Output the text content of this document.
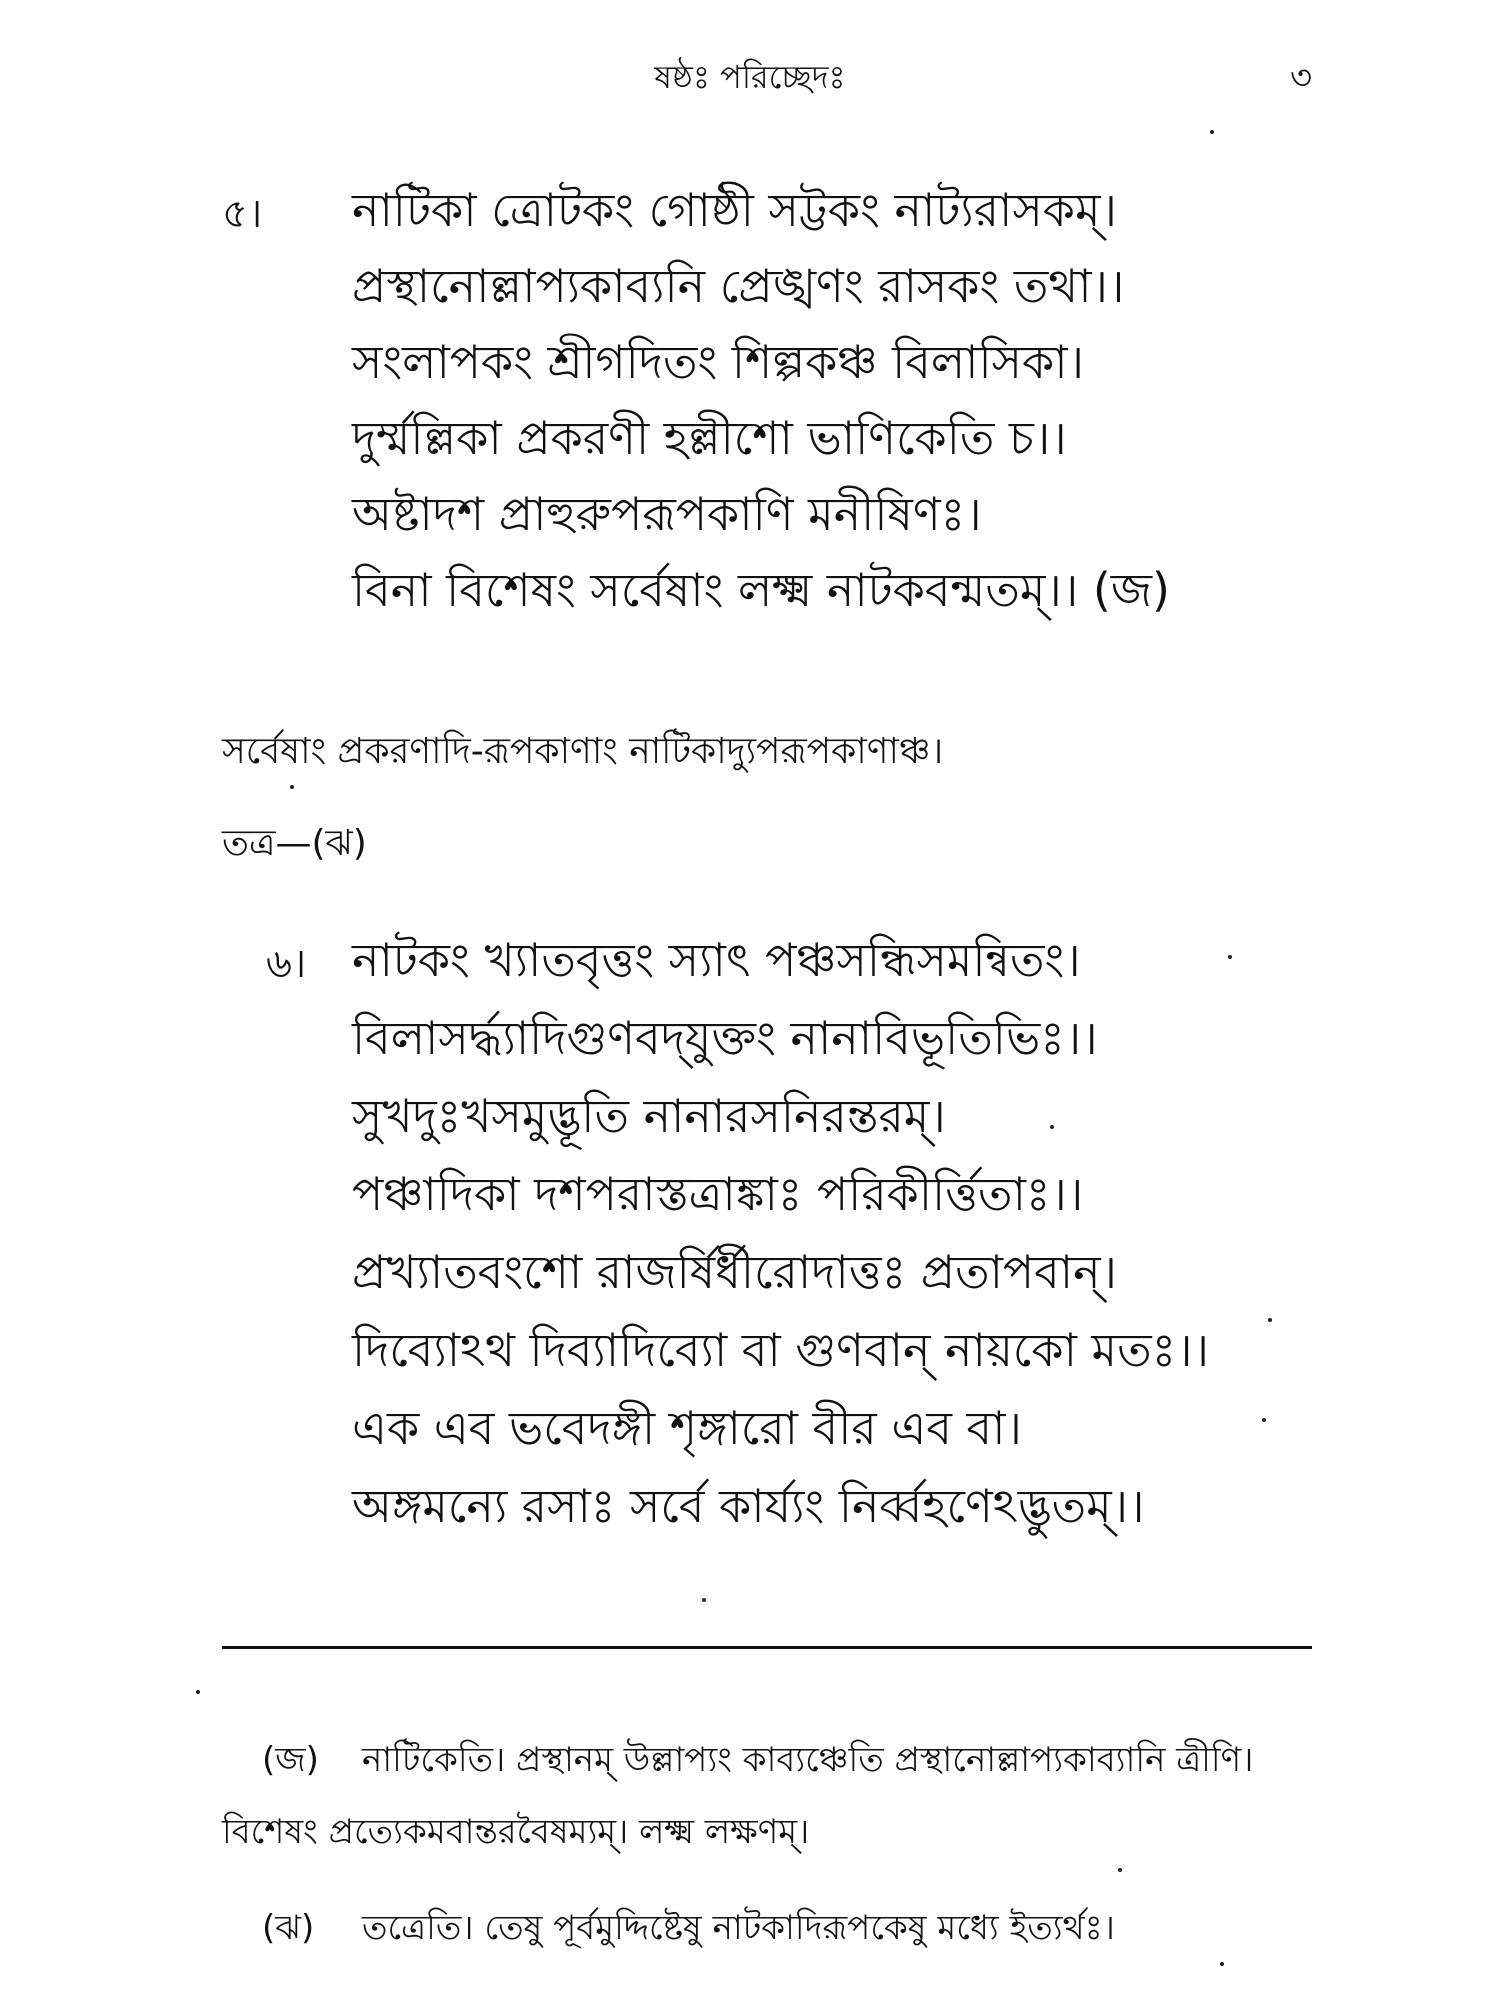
ষষ্ঠঃ পরিচ্ছেদঃ	৩
৫। নাটিকা ত্রোটকং গোষ্ঠী সট্টকং নাট্যরাসকম্।
প্রস্থানোল্লাপ্যকাব্যনি প্রেঙ্খণং রাসকং তথা।।
সংলাপকং শ্রীগদিতং শিল্পকঞ্চ বিলাসিকা।
দুর্ম্মল্লিকা প্রকরণী হল্লীশো ভাণিকেতি চ।।
অষ্টাদশ প্রাহুরুপরূপকাণি মনীষিণঃ।
বিনা বিশেষং সর্বেষাং লক্ষ্ম নাটকবন্মতম্।। (জ)
সর্বেষাং প্রকরণাদি-রূপকাণাং নাটিকাদ্যুপরূপকাণাঞ্চ।
তত্র—(ঝ)
৬। নাটকং খ্যাতবৃত্তং স্যাৎ পঞ্চসন্ধিসমন্বিতং।
বিলাসর্দ্ধ্যাদিগুণবদ্‌যুক্তং নানাবিভূতিভিঃ।।
সুখদুঃখসমুদ্ভূতি নানারসনিরন্তরম্।
পঞ্চাদিকা দশপরাস্তত্রাঙ্কাঃ পরিকীর্ত্তিতাঃ।।
প্রখ্যাতবংশো রাজর্ষির্ধীরোদাত্তঃ প্রতাপবান্।
দিব্যোঽথ দিব্যাদিব্যো বা গুণবান্ নায়কো মতঃ।।
এক এব ভবেদঙ্গী শৃঙ্গারো বীর এব বা।
অঙ্গমন্যে রসাঃ সর্বে কার্য্যং নির্ব্বহণেঽদ্ভুতম্।।
(জ) নাটিকেতি। প্রস্থানম্ উল্লাপ্যং কাব্যঞ্চেতি প্রস্থানোল্লাপ্যকাব্যানি ত্রীণি।
বিশেষং প্রত্যেকমবান্তরবৈষম্যম্। লক্ষ্ম লক্ষণম্।
(ঝ) তত্রেতি। তেষু পূর্বমুদ্দিষ্টেষু নাটকাদিরূপকেষু মধ্যে ইত্যর্থঃ।
